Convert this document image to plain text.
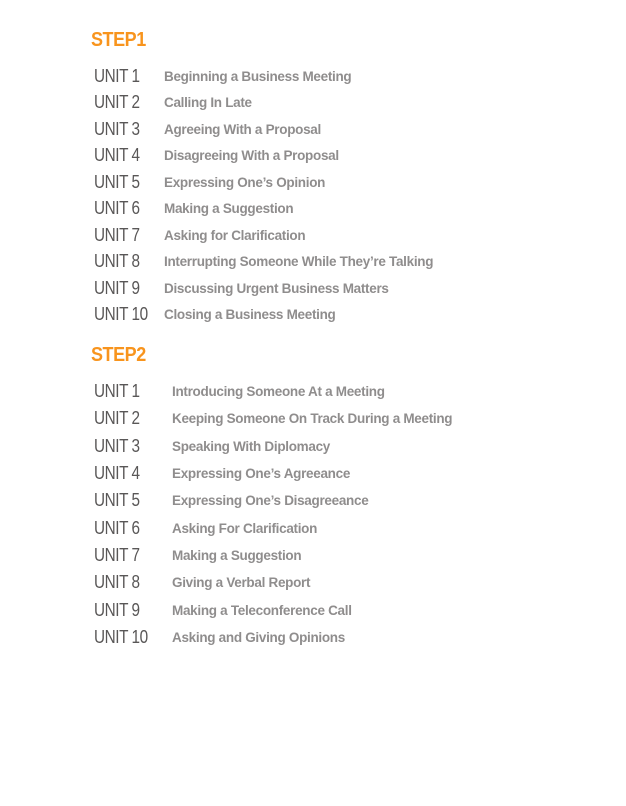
STEP1
UNIT 1	Beginning a Business Meeting
UNIT 2	Calling In Late
UNIT 3	Agreeing With a Proposal
UNIT 4	Disagreeing With a Proposal
UNIT 5	Expressing One’s Opinion
UNIT 6	Making a Suggestion
UNIT 7	Asking for Clarification
UNIT 8	Interrupting Someone While They’re Talking
UNIT 9	Discussing Urgent Business Matters
UNIT 10	Closing a Business Meeting
STEP2
UNIT 1	Introducing Someone At a Meeting
UNIT 2	Keeping Someone On Track During a Meeting
UNIT 3	Speaking With Diplomacy
UNIT 4	Expressing One’s Agreeance
UNIT 5	Expressing One’s Disagreeance
UNIT 6	Asking For Clarification
UNIT 7	Making a Suggestion
UNIT 8	Giving a Verbal Report
UNIT 9	Making a Teleconference Call
UNIT 10	Asking and Giving Opinions
